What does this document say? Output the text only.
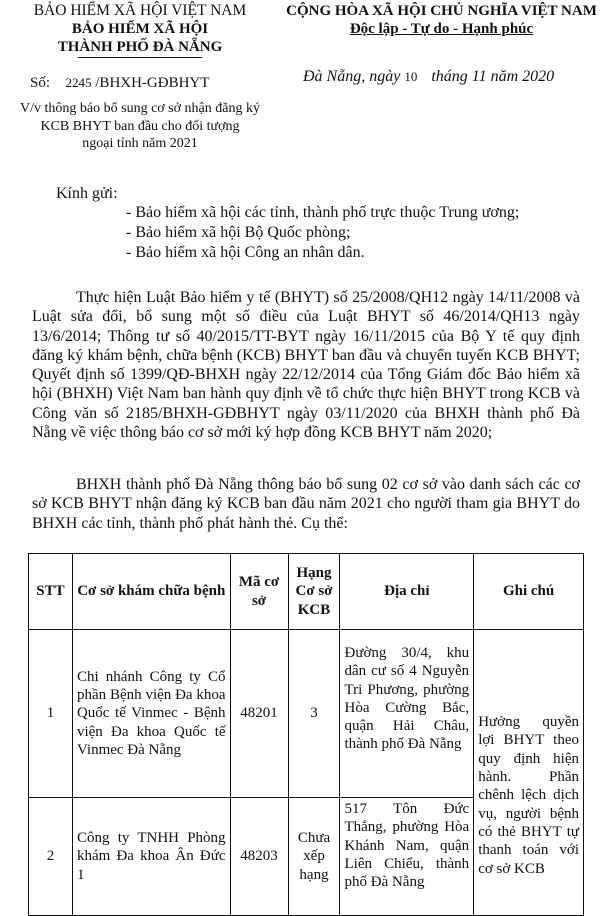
BẢO HIỂM XÃ HỘI VIỆT NAM
BẢO HIỂM XÃ HỘI
THÀNH PHỐ ĐÀ NẴNG
Số: 2245 /BHXH-GĐBHYT
V/v thông báo bổ sung cơ sở nhận đăng ký
KCB BHYT ban đầu cho đối tượng
ngoại tỉnh năm 2021
CỘNG HÒA XÃ HỘI CHỦ NGHĨA VIỆT NAM
Độc lập - Tự do - Hạnh phúc
Đà Nẵng, ngày 10 tháng 11 năm 2020
Kính gửi:
- Bảo hiểm xã hội các tỉnh, thành phố trực thuộc Trung ương;
- Bảo hiểm xã hội Bộ Quốc phòng;
- Bảo hiểm xã hội Công an nhân dân.

Thực hiện Luật Bảo hiểm y tế (BHYT) số 25/2008/QH12 ngày 14/11/2008 và Luật sửa đổi, bổ sung một số điều của Luật BHYT số 46/2014/QH13 ngày 13/6/2014; Thông tư số 40/2015/TT-BYT ngày 16/11/2015 của Bộ Y tế quy định đăng ký khám bệnh, chữa bệnh (KCB) BHYT ban đầu và chuyển tuyến KCB BHYT; Quyết định số 1399/QĐ-BHXH ngày 22/12/2014 của Tổng Giám đốc Bảo hiểm xã hội (BHXH) Việt Nam ban hành quy định về tổ chức thực hiện BHYT trong KCB và Công văn số 2185/BHXH-GĐBHYT ngày 03/11/2020 của BHXH thành phố Đà Nẵng về việc thông báo cơ sở mới ký hợp đồng KCB BHYT năm 2020;

BHXH thành phố Đà Nẵng thông báo bổ sung 02 cơ sở vào danh sách các cơ sở KCB BHYT nhận đăng ký KCB ban đầu năm 2021 cho người tham gia BHYT do BHXH các tỉnh, thành phố phát hành thẻ. Cụ thể:

STT	Cơ sở khám chữa bệnh	Mã cơ sở	Hạng Cơ sở KCB	Địa chỉ	Ghi chú
1	Chi nhánh Công ty Cổ phần Bệnh viện Đa khoa Quốc tế Vinmec - Bệnh viện Đa khoa Quốc tế Vinmec Đà Nẵng	48201	3	Đường 30/4, khu dân cư số 4 Nguyễn Tri Phương, phường Hòa Cường Bắc, quận Hải Châu, thành phố Đà Nẵng	Hưởng quyền lợi BHYT theo quy định hiện hành. Phần chênh lệch dịch vụ, người bệnh có thẻ BHYT tự thanh toán với cơ sở KCB
2	Công ty TNHH Phòng khám Đa khoa Ân Đức 1	48203	Chưa xếp hạng	517 Tôn Đức Thắng, phường Hòa Khánh Nam, quận Liên Chiểu, thành phố Đà Nẵng	
